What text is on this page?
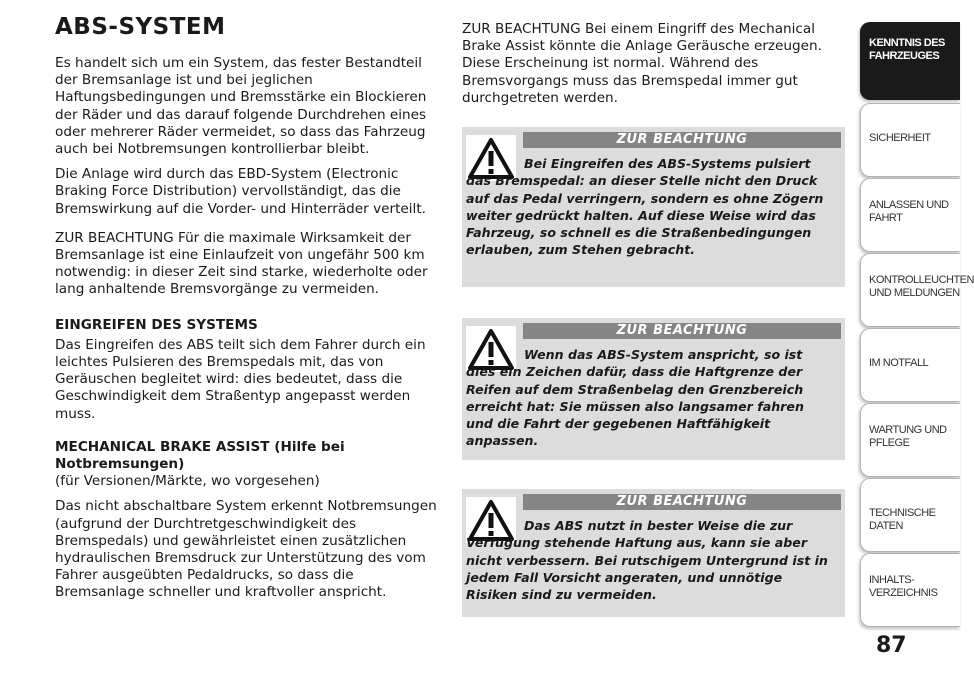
ABS-SYSTEM

Es handelt sich um ein System, das fester Bestandteil der Bremsanlage ist und bei jeglichen Haftungsbedingungen und Bremsstärke ein Blockieren der Räder und das darauf folgende Durchdrehen eines oder mehrerer Räder vermeidet, so dass das Fahrzeug auch bei Notbremsungen kontrollierbar bleibt.

Die Anlage wird durch das EBD-System (Electronic Braking Force Distribution) vervollständigt, das die Bremswirkung auf die Vorder- und Hinterräder verteilt.

ZUR BEACHTUNG Für die maximale Wirksamkeit der Bremsanlage ist eine Einlaufzeit von ungefähr 500 km notwendig: in dieser Zeit sind starke, wiederholte oder lang anhaltende Bremsvorgänge zu vermeiden.

EINGREIFEN DES SYSTEMS

Das Eingreifen des ABS teilt sich dem Fahrer durch ein leichtes Pulsieren des Bremspedals mit, das von Geräuschen begleitet wird: dies bedeutet, dass die Geschwindigkeit dem Straßentyp angepasst werden muss.

MECHANICAL BRAKE ASSIST (Hilfe bei Notbremsungen)
(für Versionen/Märkte, wo vorgesehen)

Das nicht abschaltbare System erkennt Notbremsungen (aufgrund der Durchtretgeschwindigkeit des Bremspedals) und gewährleistet einen zusätzlichen hydraulischen Bremsdruck zur Unterstützung des vom Fahrer ausgeübten Pedaldrucks, so dass die Bremsanlage schneller und kraftvoller anspricht.

ZUR BEACHTUNG Bei einem Eingriff des Mechanical Brake Assist könnte die Anlage Geräusche erzeugen. Diese Erscheinung ist normal. Während des Bremsvorgangs muss das Bremspedal immer gut durchgetreten werden.

ZUR BEACHTUNG
Bei Eingreifen des ABS-Systems pulsiert das Bremspedal: an dieser Stelle nicht den Druck auf das Pedal verringern, sondern es ohne Zögern weiter gedrückt halten. Auf diese Weise wird das Fahrzeug, so schnell es die Straßenbedingungen erlauben, zum Stehen gebracht.
ZUR BEACHTUNG
Wenn das ABS-System anspricht, so ist dies ein Zeichen dafür, dass die Haftgrenze der Reifen auf dem Straßenbelag den Grenzbereich erreicht hat: Sie müssen also langsamer fahren und die Fahrt der gegebenen Haftfähigkeit anpassen.
ZUR BEACHTUNG
Das ABS nutzt in bester Weise die zur Verfügung stehende Haftung aus, kann sie aber nicht verbessern. Bei rutschigem Untergrund ist in jedem Fall Vorsicht angeraten, und unnötige Risiken sind zu vermeiden.
KENNTNIS DES
FAHRZEUGES
SICHERHEIT
ANLASSEN UND
FAHRT
KONTROLLEUCHTEN
UND MELDUNGEN
IM NOTFALL
WARTUNG UND
PFLEGE
TECHNISCHE DATEN
INHALTS-
VERZEICHNIS
87
